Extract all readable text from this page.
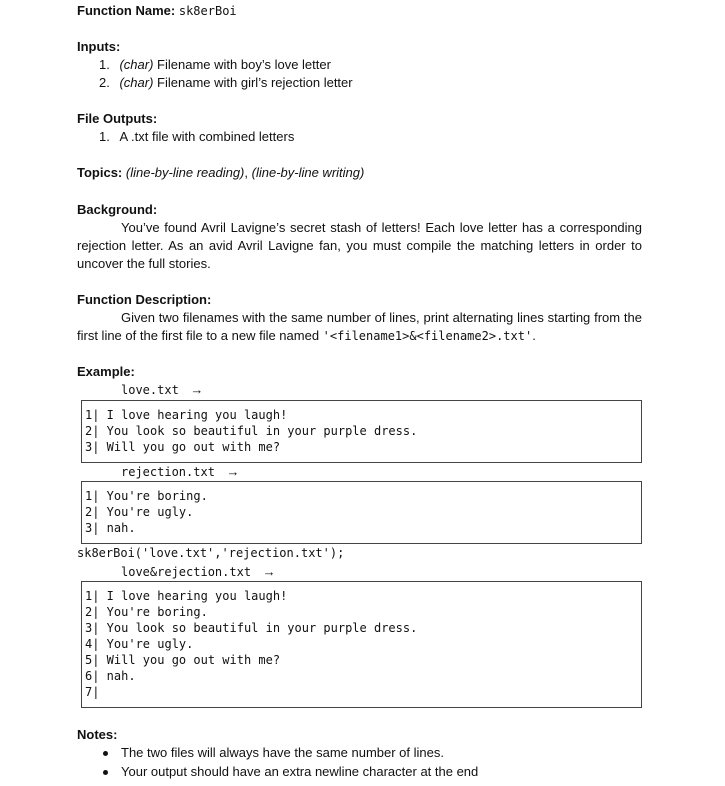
Function Name: sk8erBoi
Inputs:
1. (char) Filename with boy’s love letter
2. (char) Filename with girl’s rejection letter
File Outputs:
1. A .txt file with combined letters
Topics: (line-by-line reading), (line-by-line writing)
Background:
You’ve found Avril Lavigne’s secret stash of letters! Each love letter has a corresponding rejection letter. As an avid Avril Lavigne fan, you must compile the matching letters in order to uncover the full stories.
Function Description:
Given two filenames with the same number of lines, print alternating lines starting from the first line of the first file to a new file named '<filename1>&<filename2>.txt'.
Example:
love.txt →
1| I love hearing you laugh!
2| You look so beautiful in your purple dress.
3| Will you go out with me?
rejection.txt →
1| You're boring.
2| You're ugly.
3| nah.
sk8erBoi('love.txt','rejection.txt');
love&rejection.txt →
1| I love hearing you laugh!
2| You're boring.
3| You look so beautiful in your purple dress.
4| You're ugly.
5| Will you go out with me?
6| nah.
7|
Notes:
The two files will always have the same number of lines.
Your output should have an extra newline character at the end
